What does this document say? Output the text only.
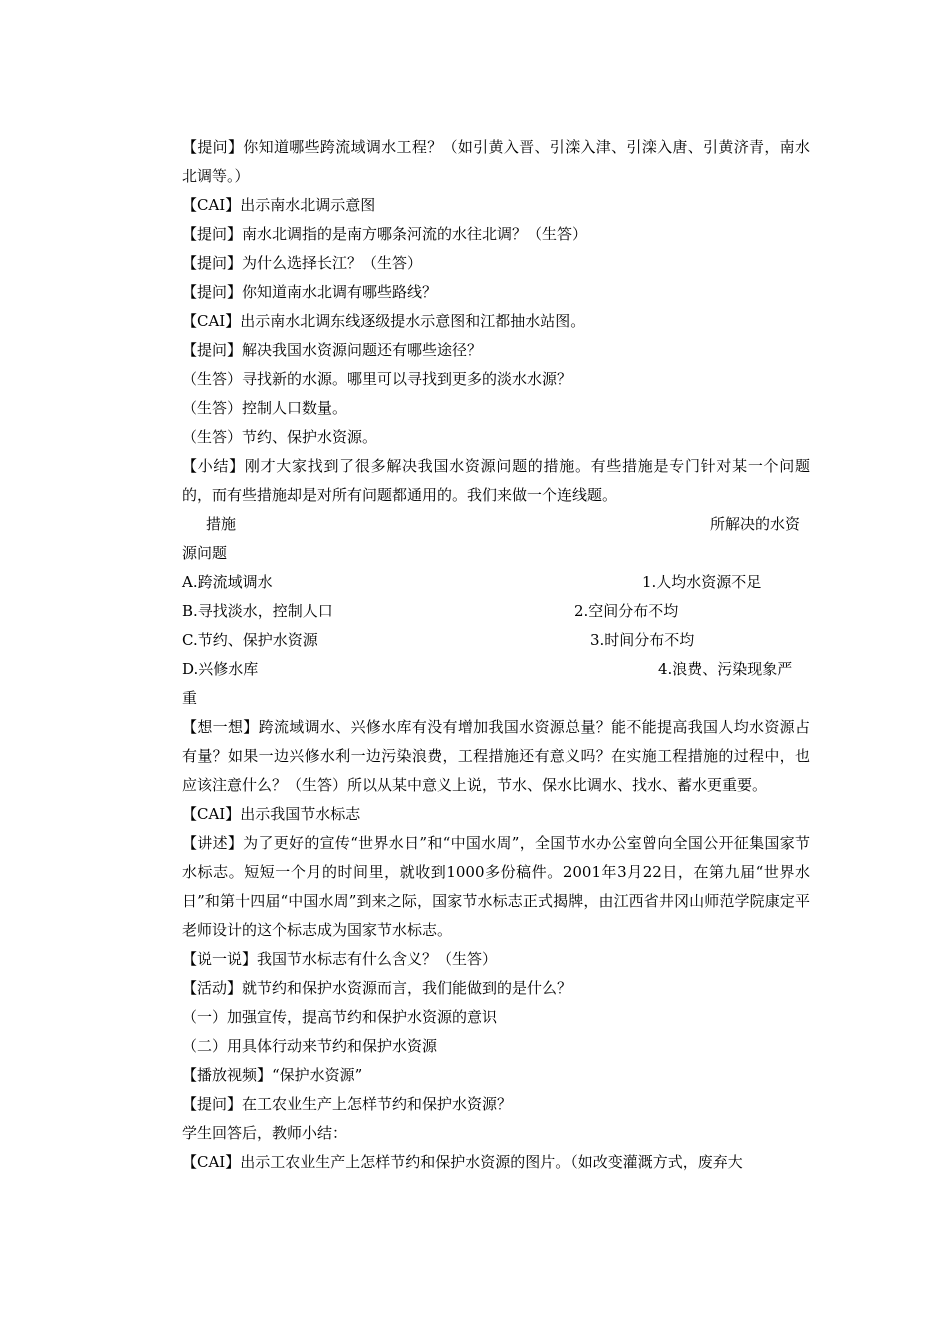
【提问】你知道哪些跨流域调水工程？（如引黄入晋、引滦入津、引滦入唐、引黄济青，南水北调等。）

【CAI】出示南水北调示意图

【提问】南水北调指的是南方哪条河流的水往北调？（生答）

【提问】为什么选择长江？（生答）

【提问】你知道南水北调有哪些路线？

【CAI】出示南水北调东线逐级提水示意图和江都抽水站图。

【提问】解决我国水资源问题还有哪些途径？

（生答）寻找新的水源。哪里可以寻找到更多的淡水水源？

（生答）控制人口数量。

（生答）节约、保护水资源。

【小结】刚才大家找到了很多解决我国水资源问题的措施。有些措施是专门针对某一个问题的，而有些措施却是对所有问题都通用的。我们来做一个连线题。

措施	所解决的水资
源问题
A.跨流域调水	1.人均水资源不足
B.寻找淡水，控制人口	2.空间分布不均
C.节约、保护水资源	3.时间分布不均
D.兴修水库	4.浪费、污染现象严
重

【想一想】跨流域调水、兴修水库有没有增加我国水资源总量？能不能提高我国人均水资源占有量？如果一边兴修水利一边污染浪费，工程措施还有意义吗？在实施工程措施的过程中，也应该注意什么？（生答）所以从某中意义上说，节水、保水比调水、找水、蓄水更重要。

【CAI】出示我国节水标志

【讲述】为了更好的宣传“世界水日”和“中国水周”，全国节水办公室曾向全国公开征集国家节水标志。短短一个月的时间里，就收到1000多份稿件。2001年3月22日，在第九届“世界水日”和第十四届“中国水周”到来之际，国家节水标志正式揭牌，由江西省井冈山师范学院康定平老师设计的这个标志成为国家节水标志。

【说一说】我国节水标志有什么含义？（生答）

【活动】就节约和保护水资源而言，我们能做到的是什么？

（一）加强宣传，提高节约和保护水资源的意识

（二）用具体行动来节约和保护水资源

【播放视频】“保护水资源”

【提问】在工农业生产上怎样节约和保护水资源？

学生回答后，教师小结：

【CAI】出示工农业生产上怎样节约和保护水资源的图片。（如改变灌溉方式，废弃大
